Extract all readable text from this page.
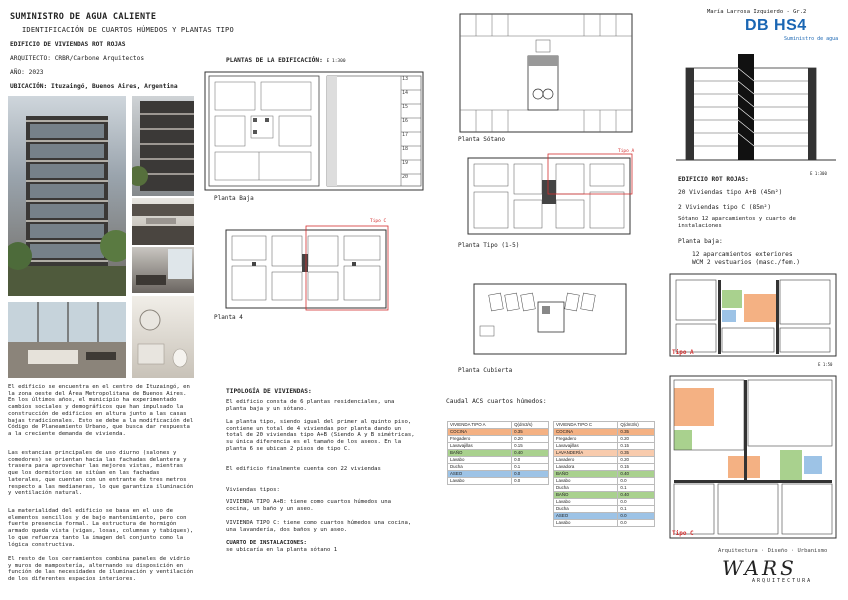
SUMINISTRO DE AGUA CALIENTE
IDENTIFICACIÓN DE CUARTOS HÚMEDOS Y PLANTAS TIPO
EDIFICIO DE VIVIENDAS ROT ROJAS
ARQUITECTO: CRBR/Carbone Arquitectos
AÑO: 2023
UBICACIÓN: Ituzaingó, Buenos Aires, Argentina
El edificio se encuentra en el centro de Ituzaingó, en la zona oeste del Área Metropolitana de Buenos Aires. En los últimos años, el municipio ha experimentado cambios sociales y demográficos que han impulsado la construcción de edificios en altura junto a las casas bajas tradicionales. Esto se debe a la modificación del Código de Planeamiento Urbano, que busca dar respuesta a la creciente demanda de vivienda.
Las estancias principales de uso diurno (salones y comedores) se orientan hacia las fachadas delantera y trasera para aprovechar las mejores vistas, mientras que los dormitorios se sitúan en las fachadas laterales, que cuentan con un entrante de tres metros respecto a las medianeras, lo que garantiza iluminación y ventilación natural.
La materialidad del edificio se basa en el uso de elementos sencillos y de bajo mantenimiento, pero con fuerte presencia formal. La estructura de hormigón armado queda vista (vigas, losas, columnas y tabiques), lo que refuerza tanto la imagen del conjunto como la lógica constructiva.
El resto de los cerramientos combina paneles de vidrio y muros de mampostería, alternando su disposición en función de las necesidades de iluminación y ventilación de los diferentes espacios interiores.
PLANTAS DE LA EDIFICACIÓN: E 1:300
13
14
15
16
17
18
19
20
Planta Baja
Tipo C
Planta 4
Planta Sótano
Tipo A
Planta Tipo (1-5)
Planta Cubierta
María Larrosa Izquierdo - Gr.2
DB HS4
Suministro de agua
E 1:300
EDIFICIO ROT ROJAS:
20 Viviendas tipo A+B (45m²)
2 Viviendas tipo C (85m²)
Sótano 12 aparcamientos y cuarto de instalaciones
Planta baja:
12 aparcamientos exteriores
WCM 2 vestuarios (masc./fem.)
Tipo A
E 1:50
Tipo C
Arquitectura · Diseño · Urbanismo
WARS
ARQUITECTURA
TIPOLOGÍA DE VIVIENDAS:
El edificio consta de 6 plantas residenciales, una planta baja y un sótano.
La planta tipo, siendo igual del primer al quinto piso, contiene un total de 4 viviendas por planta dando un total de 20 viviendas tipo A+B (Siendo A y B simétricas, su única diferencia es el tamaño de los aseos. En la planta 6 se ubican 2 pisos de tipo C.
El edificio finalmente cuenta con 22 viviendas
Viviendas tipos:
VIVIENDA TIPO A+B: tiene como cuartos húmedos una cocina, un baño y un aseo.
VIVIENDA TIPO C: tiene como cuartos húmedos una cocina, una lavandería, dos baños y un aseo.
CUARTO DE INSTALACIONES:
se ubicaría en la planta sótano 1
Caudal ACS cuartos húmedos:
VIVIENDA TIPO A	Q(dm3/s)
COCINA	0.35
Fregadero	0.20
Lavavajillas	0.15
BAÑO	0.40
Lavabo	0.0
Ducha	0.1
ASEO	0.0
Lavabo	0.0
VIVIENDA TIPO C	Q(dm3/s)
COCINA	0.35
Fregadero	0.20
Lavavajillas	0.15
LAVANDERÍA	0.35
Lavadero	0.20
Lavadora	0.15
BAÑO	0.40
Lavabo	0.0
Ducha	0.1
BAÑO	0.40
Lavabo	0.0
Ducha	0.1
ASEO	0.0
Lavabo	0.0
